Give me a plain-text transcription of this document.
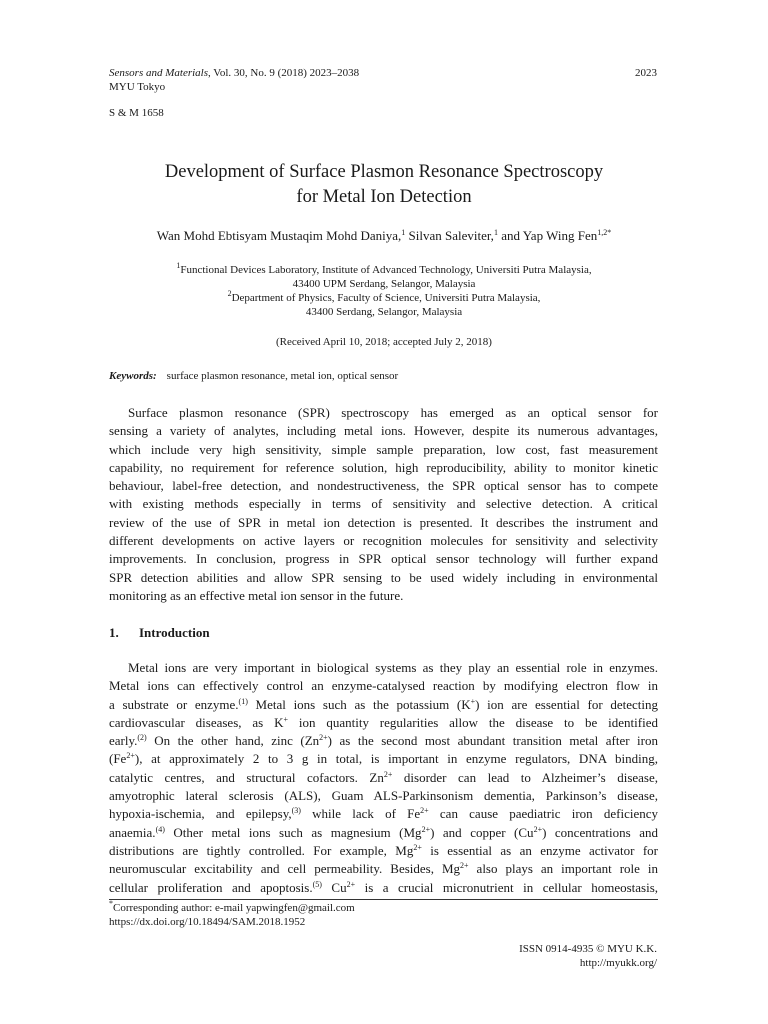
Sensors and Materials, Vol. 30, No. 9 (2018) 2023–2038	2023
MYU Tokyo
S & M 1658
Development of Surface Plasmon Resonance Spectroscopy
for Metal Ion Detection
Wan Mohd Ebtisyam Mustaqim Mohd Daniya,$^1$ Silvan Saleviter,$^1$ and Yap Wing Fen$^{1,2*}$
$^1$Functional Devices Laboratory, Institute of Advanced Technology, Universiti Putra Malaysia,
43400 UPM Serdang, Selangor, Malaysia
$^2$Department of Physics, Faculty of Science, Universiti Putra Malaysia,
43400 Serdang, Selangor, Malaysia
(Received April 10, 2018; accepted July 2, 2018)
Keywords: surface plasmon resonance, metal ion, optical sensor
Surface plasmon resonance (SPR) spectroscopy has emerged as an optical sensor for
sensing a variety of analytes, including metal ions. However, despite its numerous advantages,
which include very high sensitivity, simple sample preparation, low cost, fast measurement
capability, no requirement for reference solution, high reproducibility, ability to monitor kinetic
behaviour, label-free detection, and nondestructiveness, the SPR optical sensor has to compete
with existing methods especially in terms of sensitivity and selective detection. A critical
review of the use of SPR in metal ion detection is presented. It describes the instrument and
different developments on active layers or recognition molecules for sensitivity and selectivity
improvements. In conclusion, progress in SPR optical sensor technology will further expand
SPR detection abilities and allow SPR sensing to be used widely including in environmental
monitoring as an effective metal ion sensor in the future.
1. Introduction
Metal ions are very important in biological systems as they play an essential role in enzymes.
Metal ions can effectively control an enzyme-catalysed reaction by modifying electron flow in
a substrate or enzyme.$^{(1)}$ Metal ions such as the potassium (K+) ion are essential for detecting
cardiovascular diseases, as K+ ion quantity regularities allow the disease to be identified
early.$^{(2)}$ On the other hand, zinc $(Zn^{2+})$ as the second most abundant transition metal after iron
$(Fe^{2+})$, at approximately 2 to 3 g in total, is important in enzyme regulators, DNA binding,
catalytic centres, and structural cofactors. $Zn^{2+}$ disorder can lead to Alzheimer’s disease,
amyotrophic lateral sclerosis (ALS), Guam ALS-Parkinsonism dementia, Parkinson’s disease,
hypoxia-ischemia, and epilepsy,$^{(3)}$ while lack of $Fe^{2+}$ can cause paediatric iron deficiency
anaemia.$^{(4)}$ Other metal ions such as magnesium $(Mg^{2+})$ and copper $(Cu^{2+})$ concentrations and
distributions are tightly controlled. For example, $Mg^{2+}$ is essential as an enzyme activator for
neuromuscular excitability and cell permeability. Besides, $Mg^{2+}$ also plays an important role in
cellular proliferation and apoptosis.$^{(5)}$ $Cu^{2+}$ is a crucial micronutrient in cellular homeostasis,
*Corresponding author: e-mail yapwingfen@gmail.com
https://dx.doi.org/10.18494/SAM.2018.1952
ISSN 0914-4935 © MYU K.K.
http://myukk.org/
